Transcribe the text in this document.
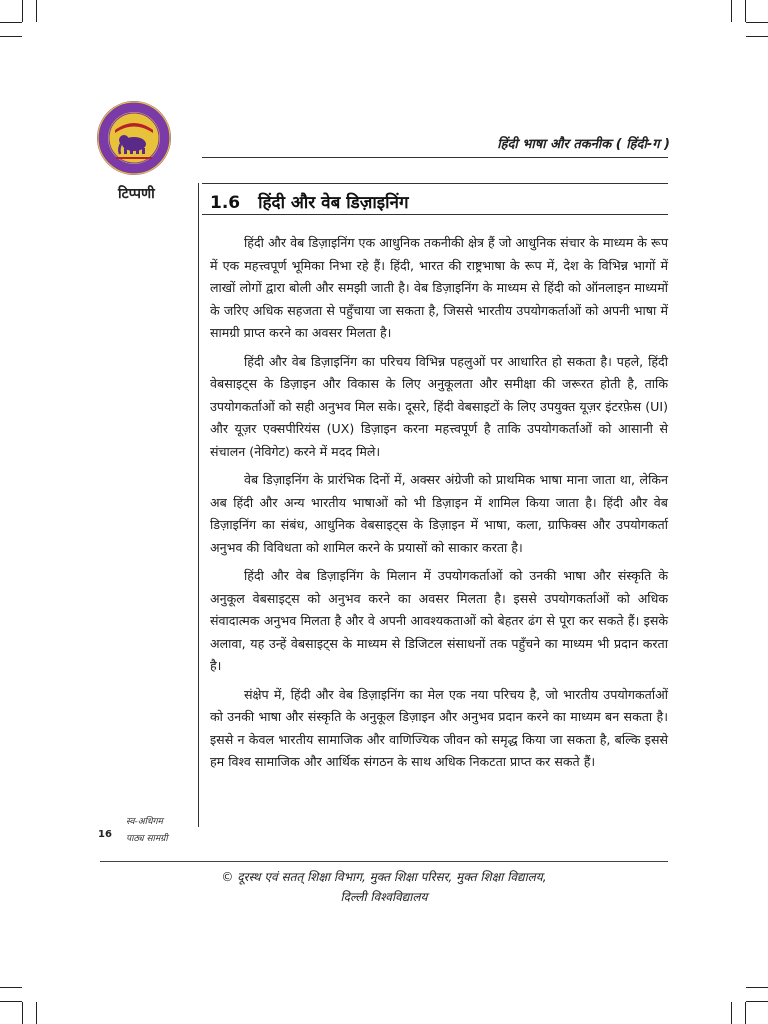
हिंदी भाषा और तकनीक ( हिंदी-ग )
टिप्पणी	1.6 हिंदी और वेब डिज़ाइनिंग

हिंदी और वेब डिज़ाइनिंग एक आधुनिक तकनीकी क्षेत्र हैं जो आधुनिक संचार के माध्यम के रूप में एक महत्त्वपूर्ण भूमिका निभा रहे हैं। हिंदी, भारत की राष्ट्रभाषा के रूप में, देश के विभिन्न भागों में लाखों लोगों द्वारा बोली और समझी जाती है। वेब डिज़ाइनिंग के माध्यम से हिंदी को ऑनलाइन माध्यमों के जरिए अधिक सहजता से पहुँचाया जा सकता है, जिससे भारतीय उपयोगकर्ताओं को अपनी भाषा में सामग्री प्राप्त करने का अवसर मिलता है।

हिंदी और वेब डिज़ाइनिंग का परिचय विभिन्न पहलुओं पर आधारित हो सकता है। पहले, हिंदी वेबसाइट्स के डिज़ाइन और विकास के लिए अनुकूलता और समीक्षा की जरूरत होती है, ताकि उपयोगकर्ताओं को सही अनुभव मिल सके। दूसरे, हिंदी वेबसाइटों के लिए उपयुक्त यूज़र इंटरफ़ेस (UI) और यूज़र एक्सपीरियंस (UX) डिज़ाइन करना महत्त्वपूर्ण है ताकि उपयोगकर्ताओं को आसानी से संचालन (नेविगेट) करने में मदद मिले।

वेब डिज़ाइनिंग के प्रारंभिक दिनों में, अक्सर अंग्रेजी को प्राथमिक भाषा माना जाता था, लेकिन अब हिंदी और अन्य भारतीय भाषाओं को भी डिज़ाइन में शामिल किया जाता है। हिंदी और वेब डिज़ाइनिंग का संबंध, आधुनिक वेबसाइट्स के डिज़ाइन में भाषा, कला, ग्राफिक्स और उपयोगकर्ता अनुभव की विविधता को शामिल करने के प्रयासों को साकार करता है।

हिंदी और वेब डिज़ाइनिंग के मिलान में उपयोगकर्ताओं को उनकी भाषा और संस्कृति के अनुकूल वेबसाइट्स को अनुभव करने का अवसर मिलता है। इससे उपयोगकर्ताओं को अधिक संवादात्मक अनुभव मिलता है और वे अपनी आवश्यकताओं को बेहतर ढंग से पूरा कर सकते हैं। इसके अलावा, यह उन्हें वेबसाइट्स के माध्यम से डिजिटल संसाधनों तक पहुँचने का माध्यम भी प्रदान करता है।

संक्षेप में, हिंदी और वेब डिज़ाइनिंग का मेल एक नया परिचय है, जो भारतीय उपयोगकर्ताओं को उनकी भाषा और संस्कृति के अनुकूल डिज़ाइन और अनुभव प्रदान करने का माध्यम बन सकता है। इससे न केवल भारतीय सामाजिक और वाणिज्यिक जीवन को समृद्ध किया जा सकता है, बल्कि इससे हम विश्व सामाजिक और आर्थिक संगठन के साथ अधिक निकटता प्राप्त कर सकते हैं।

स्व-अधिगम
16 पाठ्य सामग्री
© दूरस्थ एवं सतत् शिक्षा विभाग, मुक्त शिक्षा परिसर, मुक्त शिक्षा विद्यालय,
दिल्ली विश्वविद्यालय
